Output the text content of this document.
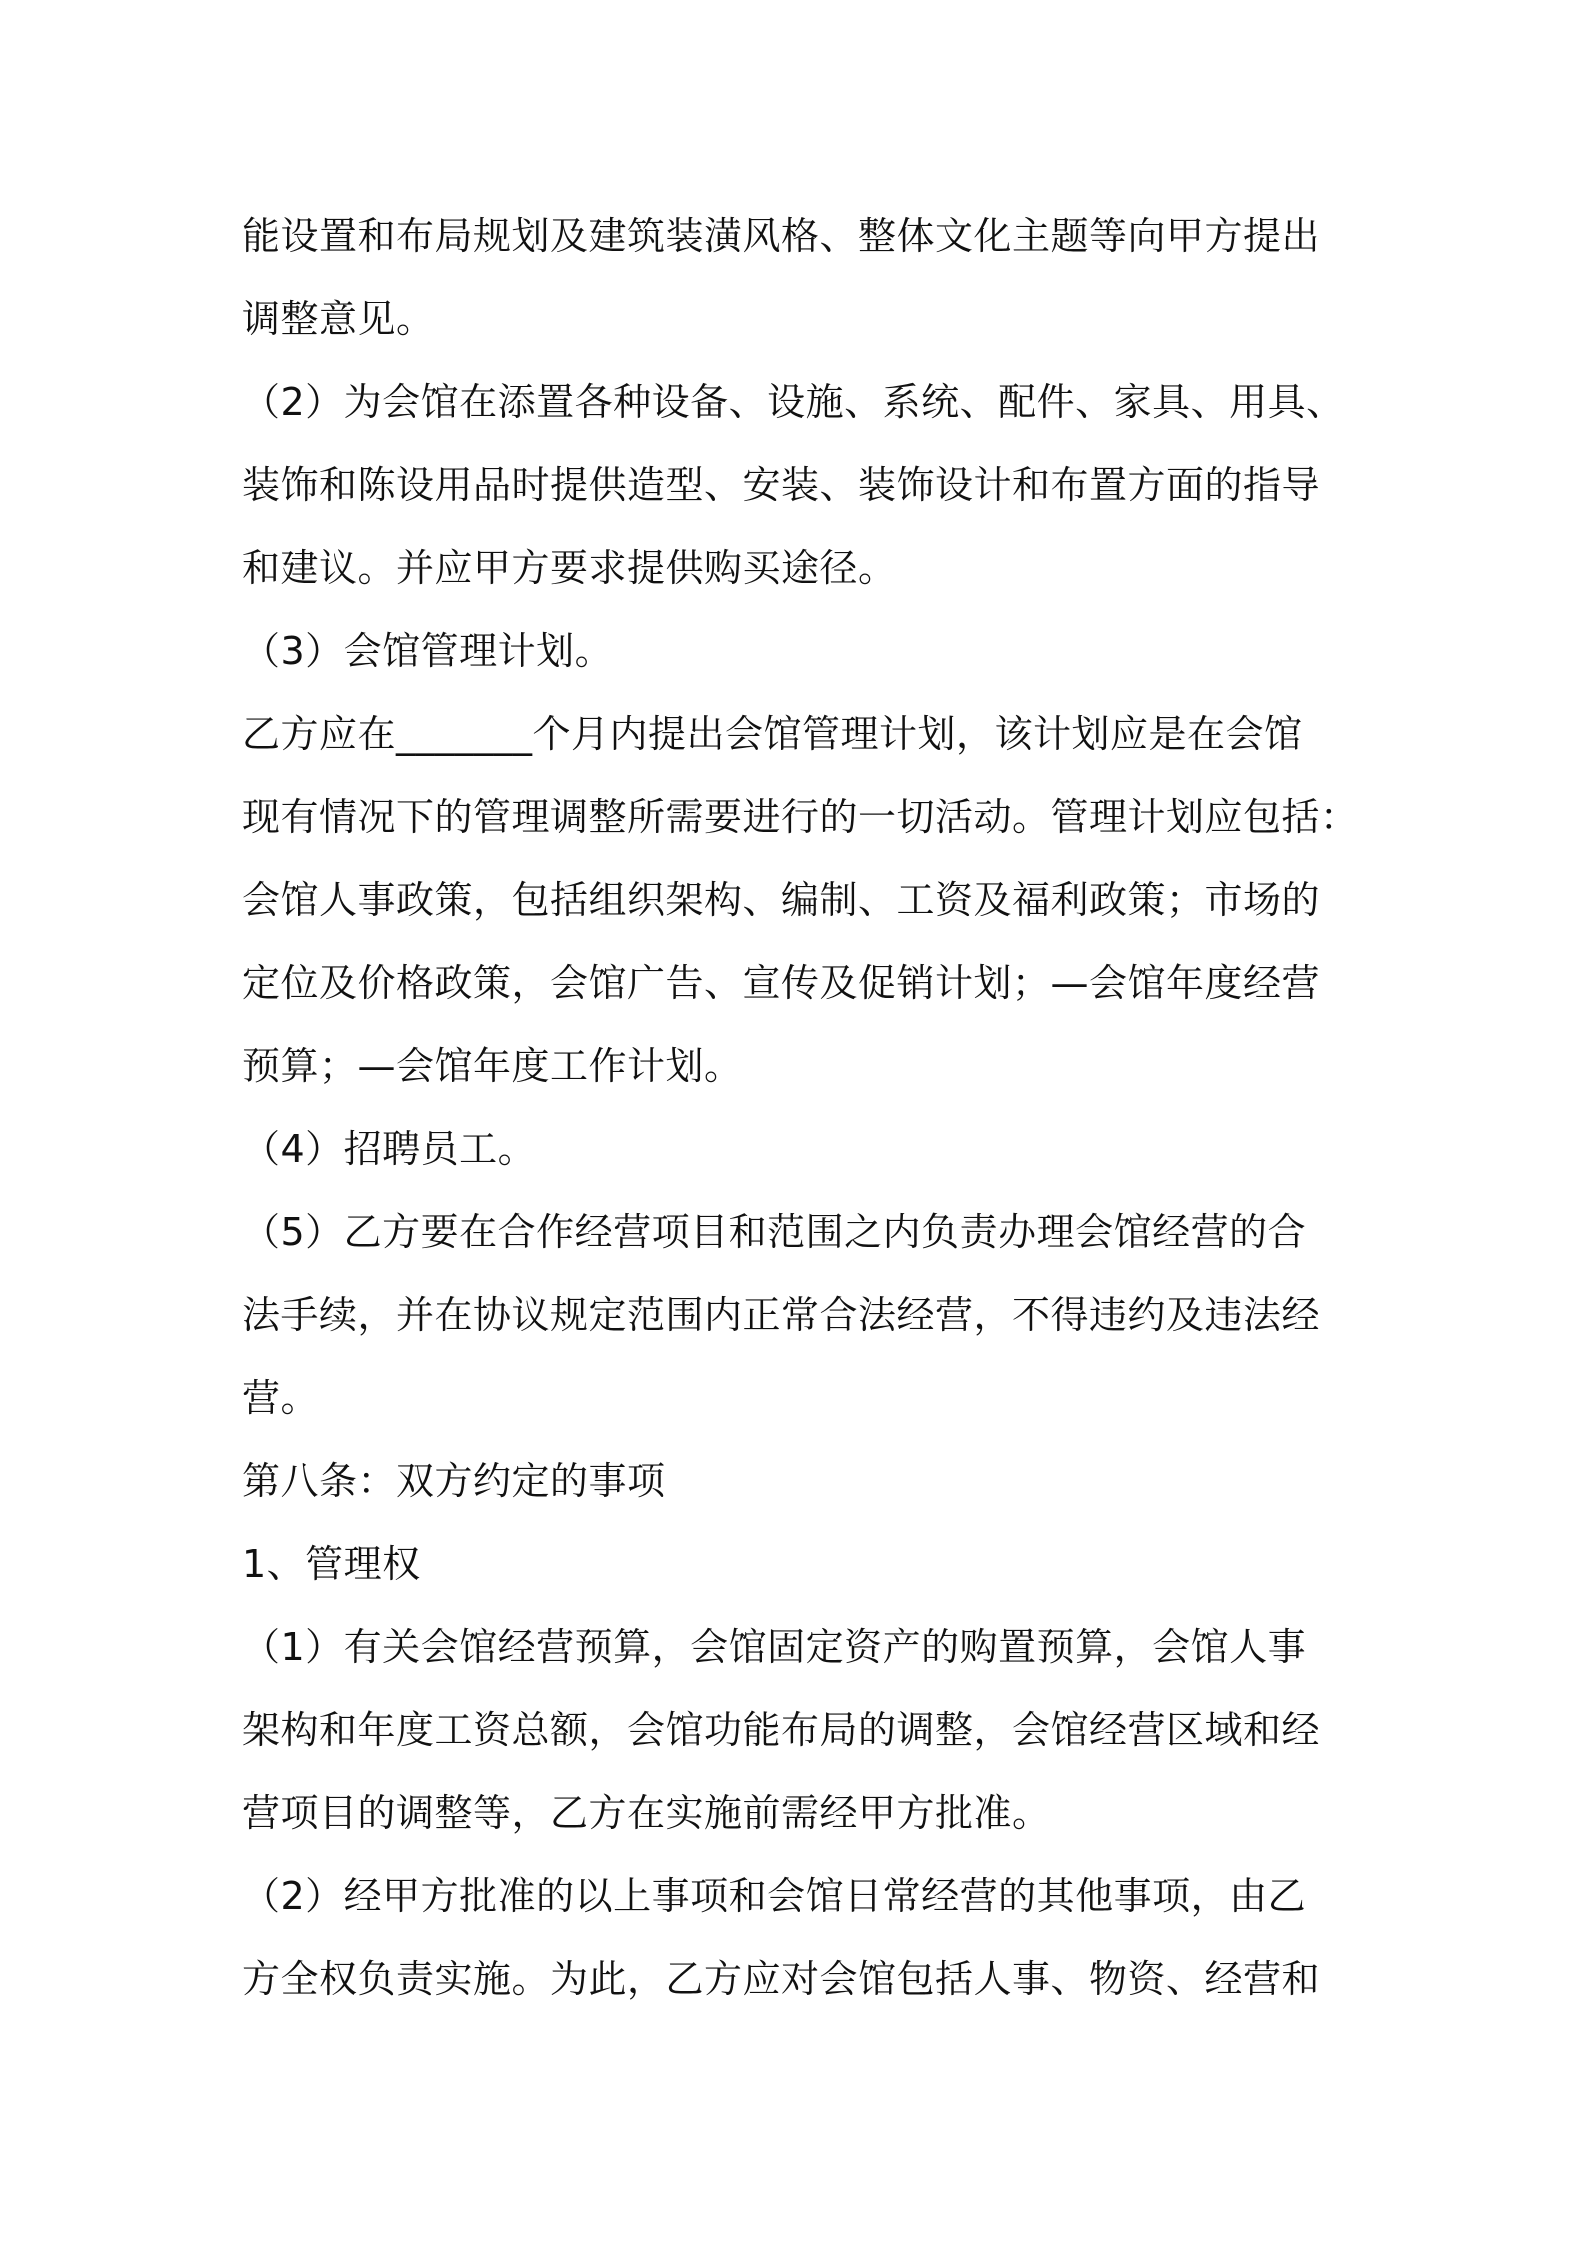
能设置和布局规划及建筑装潢风格、整体文化主题等向甲方提出
调整意见。
（2）为会馆在添置各种设备、设施、系统、配件、家具、用具、
装饰和陈设用品时提供造型、安装、装饰设计和布置方面的指导
和建议。并应甲方要求提供购买途径。
（3）会馆管理计划。
乙方应在_______个月内提出会馆管理计划，该计划应是在会馆
现有情况下的管理调整所需要进行的一切活动。管理计划应包括：
会馆人事政策，包括组织架构、编制、工资及福利政策；市场的
定位及价格政策，会馆广告、宣传及促销计划；—会馆年度经营
预算；—会馆年度工作计划。
（4）招聘员工。
（5）乙方要在合作经营项目和范围之内负责办理会馆经营的合
法手续，并在协议规定范围内正常合法经营，不得违约及违法经
营。
第八条：双方约定的事项
1、管理权
（1）有关会馆经营预算，会馆固定资产的购置预算，会馆人事
架构和年度工资总额，会馆功能布局的调整，会馆经营区域和经
营项目的调整等，乙方在实施前需经甲方批准。
（2）经甲方批准的以上事项和会馆日常经营的其他事项，由乙
方全权负责实施。为此，乙方应对会馆包括人事、物资、经营和
